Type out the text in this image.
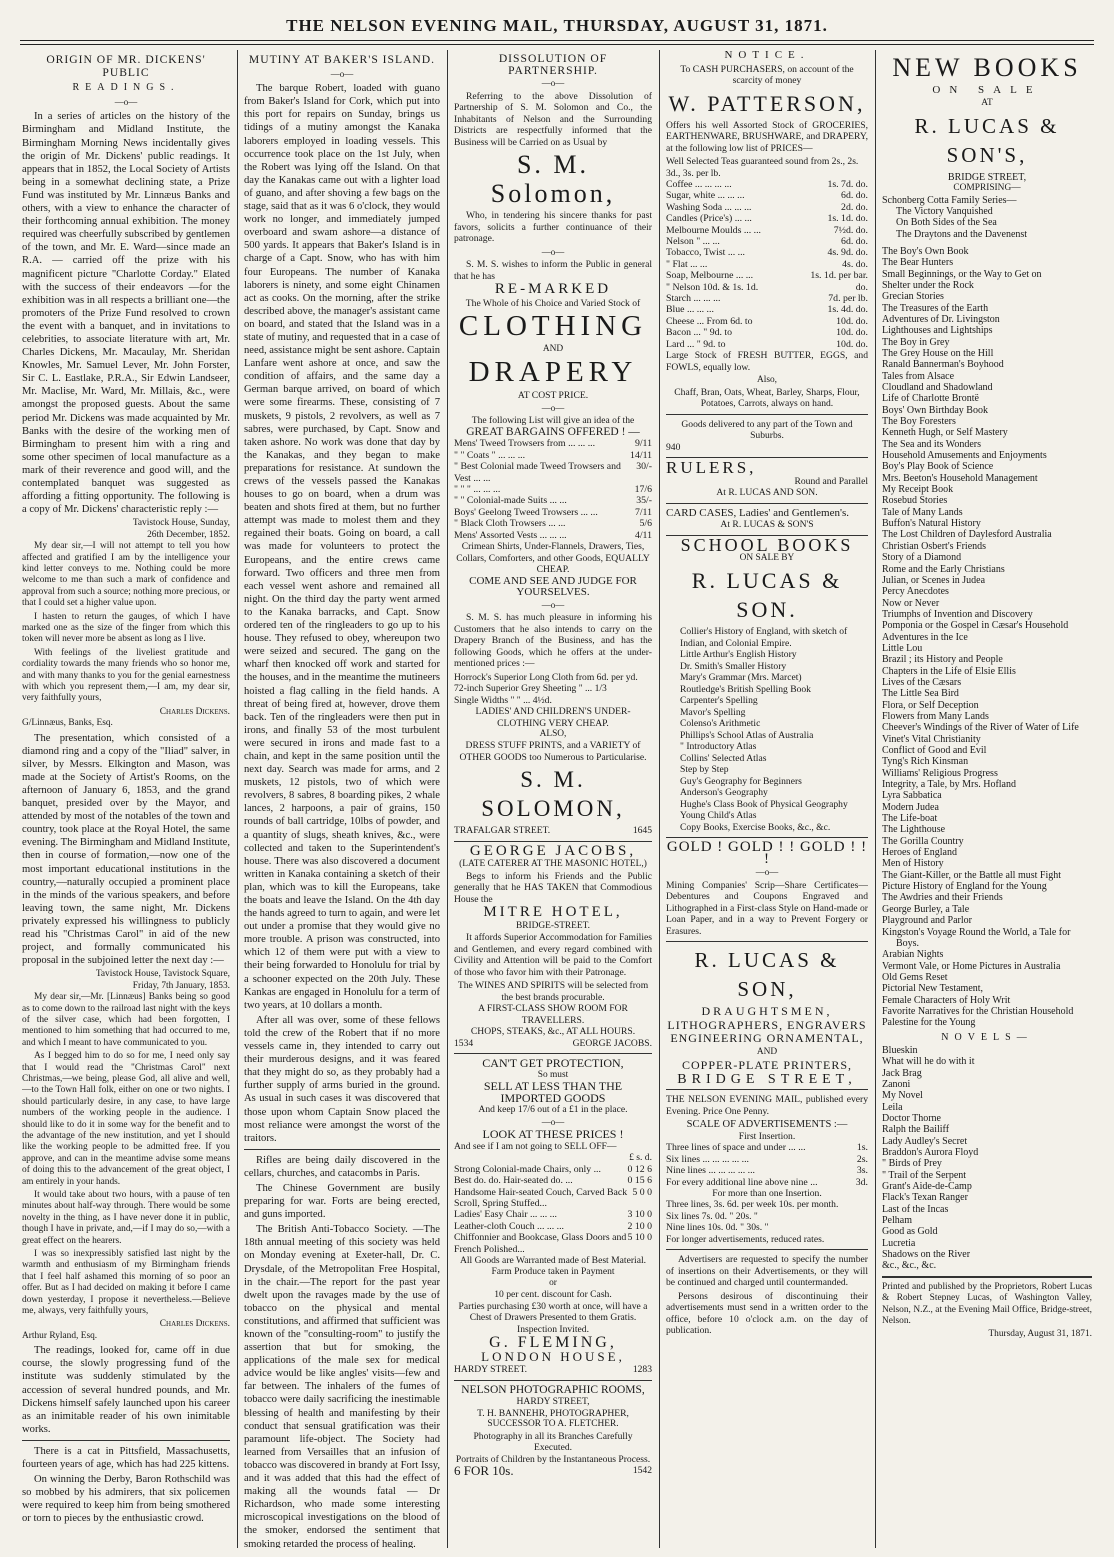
THE NELSON EVENING MAIL, THURSDAY, AUGUST 31, 1871.
ORIGIN OF MR. DICKENS' PUBLIC
READINGS.
—o—

In a series of articles on the history of the Birmingham and Midland Institute, the Birmingham Morning News incidentally gives the origin of Mr. Dickens' public readings. It appears that in 1852, the Local Society of Artists being in a somewhat declining state, a Prize Fund was instituted by Mr. Linnæus Banks and others, with a view to enhance the character of their forthcoming annual exhibition. The money required was cheerfully subscribed by gentlemen of the town, and Mr. E. Ward—since made an R.A. — carried off the prize with his magnificent picture "Charlotte Corday." Elated with the success of their endeavors —for the exhibition was in all respects a brilliant one—the promoters of the Prize Fund resolved to crown the event with a banquet, and in invitations to celebrities, to associate literature with art, Mr. Charles Dickens, Mr. Macaulay, Mr. Sheridan Knowles, Mr. Samuel Lever, Mr. John Forster, Sir C. L. Eastlake, P.R.A., Sir Edwin Landseer, Mr. Maclise, Mr. Ward, Mr. Millais, &c., were amongst the proposed guests. About the same period Mr. Dickens was made acquainted by Mr. Banks with the desire of the working men of Birmingham to present him with a ring and some other specimen of local manufacture as a mark of their reverence and good will, and the contemplated banquet was suggested as affording a fitting opportunity. The following is a copy of Mr. Dickens' characteristic reply :—

Tavistock House, Sunday,
26th December, 1852.

My dear sir,—I will not attempt to tell you how affected and gratified I am by the intelligence your kind letter conveys to me. Nothing could be more welcome to me than such a mark of confidence and approval from such a source; nothing more precious, or that I could set a higher value upon.

I hasten to return the gauges, of which I have marked one as the size of the finger from which this token will never more be absent as long as I live.

With feelings of the liveliest gratitude and cordiality towards the many friends who so honor me, and with many thanks to you for the genial earnestness with which you represent them,—I am, my dear sir, very faithfully yours,

Charles Dickens.

G/Linnæus, Banks, Esq.

The presentation, which consisted of a diamond ring and a copy of the "Iliad" salver, in silver, by Messrs. Elkington and Mason, was made at the Society of Artist's Rooms, on the afternoon of January 6, 1853, and the grand banquet, presided over by the Mayor, and attended by most of the notables of the town and country, took place at the Royal Hotel, the same evening. The Birmingham and Midland Institute, then in course of formation,—now one of the most important educational institutions in the country,—naturally occupied a prominent place in the minds of the various speakers, and before leaving town, the same night, Mr. Dickens privately expressed his willingness to publicly read his "Christmas Carol" in aid of the new project, and formally communicated his proposal in the subjoined letter the next day :—

Tavistock House, Tavistock Square,
Friday, 7th January, 1853.

My dear sir,—Mr. [Linnæus] Banks being so good as to come down to the railroad last night with the keys of the silver case, which had been forgotten, I mentioned to him something that had occurred to me, and which I meant to have communicated to you.

As I begged him to do so for me, I need only say that I would read the "Christmas Carol" next Christmas,—we being, please God, all alive and well,—to the Town Hall folk, either on one or two nights. I should particularly desire, in any case, to have large numbers of the working people in the audience. I should like to do it in some way for the benefit and to the advantage of the new institution, and yet I should like the working people to be admitted free. If you approve, and can in the meantime advise some means of doing this to the advancement of the great object, I am entirely in your hands.

It would take about two hours, with a pause of ten minutes about half-way through. There would be some novelty in the thing, as I have never done it in public, though I have in private, and,—if I may do so,—with a great effect on the hearers.

I was so inexpressibly satisfied last night by the warmth and enthusiasm of my Birmingham friends that I feel half ashamed this morning of so poor an offer. But as I had decided on making it before I came down yesterday, I propose it nevertheless.—Believe me, always, very faithfully yours,

Charles Dickens.

Arthur Ryland, Esq.

The readings, looked for, came off in due course, the slowly progressing fund of the institute was suddenly stimulated by the accession of several hundred pounds, and Mr. Dickens himself safely launched upon his career as an inimitable reader of his own inimitable works.

There is a cat in Pittsfield, Massachusetts, fourteen years of age, which has had 225 kittens.

On winning the Derby, Baron Rothschild was so mobbed by his admirers, that six policemen were required to keep him from being smothered or torn to pieces by the enthusiastic crowd.

MUTINY AT BAKER'S ISLAND.
—o—

The barque Robert, loaded with guano from Baker's Island for Cork, which put into this port for repairs on Sunday, brings us tidings of a mutiny amongst the Kanaka laborers employed in loading vessels. This occurrence took place on the 1st July, when the Robert was lying off the Island. On that day the Kanakas came out with a lighter load of guano, and after shoving a few bags on the stage, said that as it was 6 o'clock, they would work no longer, and immediately jumped overboard and swam ashore—a distance of 500 yards. It appears that Baker's Island is in charge of a Capt. Snow, who has with him four Europeans. The number of Kanaka laborers is ninety, and some eight Chinamen act as cooks. On the morning, after the strike described above, the manager's assistant came on board, and stated that the Island was in a state of mutiny, and requested that in a case of need, assistance might be sent ashore. Captain Lanfare went ashore at once, and saw the condition of affairs, and the same day a German barque arrived, on board of which were some firearms. These, consisting of 7 muskets, 9 pistols, 2 revolvers, as well as 7 sabres, were purchased, by Capt. Snow and taken ashore. No work was done that day by the Kanakas, and they began to make preparations for resistance. At sundown the crews of the vessels passed the Kanakas houses to go on board, when a drum was beaten and shots fired at them, but no further attempt was made to molest them and they regained their boats. Going on board, a call was made for volunteers to protect the Europeans, and the entire crews came forward. Two officers and three men from each vessel went ashore and remained all night. On the third day the party went armed to the Kanaka barracks, and Capt. Snow ordered ten of the ringleaders to go up to his house. They refused to obey, whereupon two were seized and secured. The gang on the wharf then knocked off work and started for the houses, and in the meantime the mutineers hoisted a flag calling in the field hands. A threat of being fired at, however, drove them back. Ten of the ringleaders were then put in irons, and finally 53 of the most turbulent were secured in irons and made fast to a chain, and kept in the same position until the next day. Search was made for arms, and 2 muskets, 12 pistols, two of which were revolvers, 8 sabres, 8 boarding pikes, 2 whale lances, 2 harpoons, a pair of grains, 150 rounds of ball cartridge, 10lbs of powder, and a quantity of slugs, sheath knives, &c., were collected and taken to the Superintendent's house. There was also discovered a document written in Kanaka containing a sketch of their plan, which was to kill the Europeans, take the boats and leave the Island. On the 4th day the hands agreed to turn to again, and were let out under a promise that they would give no more trouble. A prison was constructed, into which 12 of them were put with a view to their being forwarded to Honolulu for trial by a schooner expected on the 20th July. These Kankas are engaged in Honolulu for a term of two years, at 10 dollars a month.

After all was over, some of these fellows told the crew of the Robert that if no more vessels came in, they intended to carry out their murderous designs, and it was feared that they might do so, as they probably had a further supply of arms buried in the ground. As usual in such cases it was discovered that those upon whom Captain Snow placed the most reliance were amongst the worst of the traitors.

Rifles are being daily discovered in the cellars, churches, and catacombs in Paris.

The Chinese Government are busily preparing for war. Forts are being erected, and guns imported.

The British Anti-Tobacco Society. —The 18th annual meeting of this society was held on Monday evening at Exeter-hall, Dr. C. Drysdale, of the Metropolitan Free Hospital, in the chair.—The report for the past year dwelt upon the ravages made by the use of tobacco on the physical and mental constitutions, and affirmed that sufficient was known of the "consulting-room" to justify the assertion that but for smoking, the applications of the male sex for medical advice would be like angles' visits—few and far between. The inhalers of the fumes of tobacco were daily sacrificing the inestimable blessing of health and manifesting by their conduct that sensual gratification was their paramount life-object. The Society had learned from Versailles that an infusion of tobacco was discovered in brandy at Fort Issy, and it was added that this had the effect of making all the wounds fatal — Dr Richardson, who made some interesting microscopical investigations on the blood of the smoker, endorsed the sentiment that smoking retarded the process of healing.

DISSOLUTION OF PARTNERSHIP.
—o—

Referring to the above Dissolution of Partnership of S. M. Solomon and Co., the Inhabitants of Nelson and the Surrounding Districts are respectfully informed that the Business will be Carried on as Usual by

S. M. Solomon,

Who, in tendering his sincere thanks for past favors, solicits a further continuance of their patronage.

—o—

S. M. S. wishes to inform the Public in general that he has

RE-MARKED
The Whole of his Choice and Varied Stock of
CLOTHING
AND
DRAPERY
AT COST PRICE.
—o—
The following List will give an idea of the
GREAT BARGAINS OFFERED ! —
Mens' Tweed Trowsers from ... ... ...	9/11
" " Coats " ... ... ...	14/11
" Best Colonial made Tweed Trowsers and Vest ... ...	30/-
" " " ... ... ...	17/6
" " Colonial-made Suits ... ...	35/-
Boys' Geelong Tweed Trowsers ... ...	7/11
" Black Cloth Trowsers ... ...	5/6
Mens' Assorted Vests ... ... ...	4/11
Crimean Shirts, Under-Flannels, Drawers, Ties, Collars, Comforters, and other Goods, EQUALLY CHEAP.
COME AND SEE AND JUDGE FOR YOURSELVES.
—o—

S. M. S. has much pleasure in informing his Customers that he also intends to carry on the Drapery Branch of the Business, and has the following Goods, which he offers at the under-mentioned prices :—

Horrock's Superior Long Cloth from 6d. per yd.
72-inch Superior Grey Sheeting " ... 1/3
Single Widths " " ... 4½d.
LADIES' AND CHILDREN'S UNDER-CLOTHING VERY CHEAP.
ALSO,
DRESS STUFF PRINTS, and a VARIETY of OTHER GOODS too Numerous to Particularise.
S. M. SOLOMON,
TRAFALGAR STREET.	1645
GEORGE JACOBS,
(LATE CATERER AT THE MASONIC HOTEL,)

Begs to inform his Friends and the Public generally that he HAS TAKEN that Commodious House the

MITRE HOTEL,
BRIDGE-STREET.

It affords Superior Accommodation for Families and Gentlemen, and every regard combined with Civility and Attention will be paid to the Comfort of those who favor him with their Patronage.

The WINES AND SPIRITS will be selected from the best brands procurable.
A FIRST-CLASS SHOW ROOM FOR TRAVELLERS.
CHOPS, STEAKS, &c., AT ALL HOURS.
1534	GEORGE JACOBS.
CAN'T GET PROTECTION,
So must
SELL AT LESS THAN THE IMPORTED GOODS
And keep 17/6 out of a £1 in the place.
—o—
LOOK AT THESE PRICES !
And see if I am not going to SELL OFF—
£ s. d.
Strong Colonial-made Chairs, only ...	0 12 6
Best do. do. Hair-seated do. ...	0 15 6
Handsome Hair-seated Couch, Carved Back Scroll, Spring Stuffed...	5 0 0
Ladies' Easy Chair ... ... ...	3 10 0
Leather-cloth Couch ... ... ...	2 10 0
Chiffonnier and Bookcase, Glass Doors and French Polished...	5 10 0
All Goods are Warranted made of Best Material.
Farm Produce taken in Payment
or
10 per cent. discount for Cash.
Parties purchasing £30 worth at once, will have a Chest of Drawers Presented to them Gratis.
Inspection Invited.
G. FLEMING,
LONDON HOUSE,
HARDY STREET.	1283
NELSON PHOTOGRAPHIC ROOMS,
HARDY STREET,
T. H. BANNEHR, PHOTOGRAPHER,
SUCCESSOR TO A. FLETCHER.
Photography in all its Branches Carefully Executed.
Portraits of Children by the Instantaneous Process.
6 FOR 10s.	1542
NOTICE.
To CASH PURCHASERS, on account of the scarcity of money
W. PATTERSON,

Offers his well Assorted Stock of GROCERIES, EARTHENWARE, BRUSHWARE, and DRAPERY, at the following low list of PRICES—

Well Selected Teas guaranteed sound from 2s., 2s. 3d., 3s. per lb.
Coffee ... ... ... ...	1s. 7d. do.
Sugar, white ... ... ...	6d. do.
Washing Soda ... ... ...	2d. do.
Candles (Price's) ... ...	1s. 1d. do.
Melbourne Moulds ... ...	7½d. do.
Nelson " ... ...	6d. do.
Tobacco, Twist ... ...	4s. 9d. do.
" Flat ... ...	4s. do.
Soap, Melbourne ... ...	1s. 1d. per bar.
" Nelson 10d. & 1s. 1d.	do.
Starch ... ... ...	7d. per lb.
Blue ... ... ...	1s. 4d. do.
Cheese ... From 6d. to	10d. do.
Bacon ... " 9d. to	10d. do.
Lard ... " 9d. to	10d. do.

Large Stock of FRESH BUTTER, EGGS, and FOWLS, equally low.

Also,
Chaff, Bran, Oats, Wheat, Barley, Sharps, Flour, Potatoes, Carrots, always on hand.
Goods delivered to any part of the Town and Suburbs.
940
RULERS,
Round and Parallel
At R. LUCAS AND SON.
CARD CASES, Ladies' and Gentlemen's.
At R. LUCAS & SON'S
SCHOOL BOOKS
ON SALE BY
R. LUCAS & SON.
Collier's History of England, with sketch of Indian, and Colonial Empire.
Little Arthur's English History
Dr. Smith's Smaller History
Mary's Grammar (Mrs. Marcet)
Routledge's British Spelling Book
Carpenter's Spelling
Mavor's Spelling
Colenso's Arithmetic
Phillips's School Atlas of Australia
" Introductory Atlas
Collins' Selected Atlas
Step by Step
Guy's Geography for Beginners
Anderson's Geography
Hughe's Class Book of Physical Geography
Young Child's Atlas
Copy Books, Exercise Books, &c., &c.
GOLD ! GOLD ! ! GOLD ! ! !
—o—

Mining Companies' Scrip—Share Certificates—Debentures and Coupons Engraved and Lithographed in a First-class Style on Hand-made or Loan Paper, and in a way to Prevent Forgery or Erasures.

R. LUCAS & SON,
DRAUGHTSMEN,
LITHOGRAPHERS, ENGRAVERS
ENGINEERING ORNAMENTAL,
AND
COPPER-PLATE PRINTERS,
BRIDGE STREET,

THE NELSON EVENING MAIL, published every Evening. Price One Penny.

SCALE OF ADVERTISEMENTS :—
First Insertion.
Three lines of space and under ... ...	1s.
Six lines ... ... ... ... ...	2s.
Nine lines ... ... ... ... ...	3s.
For every additional line above nine ...	3d.
For more than one Insertion.
Three lines, 3s. 6d. per week 10s. per month.
Six lines 7s. 0d. " 20s. "
Nine lines 10s. 0d. " 30s. "
For longer advertisements, reduced rates.

Advertisers are requested to specify the number of insertions on their Advertisements, or they will be continued and charged until countermanded.

Persons desirous of discontinuing their advertisements must send in a written order to the office, before 10 o'clock a.m. on the day of publication.

NEW BOOKS
ON SALE
AT
R. LUCAS & SON'S,
BRIDGE STREET,
COMPRISING—
Schonberg Cotta Family Series—
The Victory Vanquished
On Both Sides of the Sea
The Draytons and the Davenenst
The Boy's Own Book
The Bear Hunters
Small Beginnings, or the Way to Get on
Shelter under the Rock
Grecian Stories
The Treasures of the Earth
Adventures of Dr. Livingston
Lighthouses and Lightships
The Boy in Grey
The Grey House on the Hill
Ranald Bannerman's Boyhood
Tales from Alsace
Cloudland and Shadowland
Life of Charlotte Brontë
Boys' Own Birthday Book
The Boy Foresters
Kenneth Hugh, or Self Mastery
The Sea and its Wonders
Household Amusements and Enjoyments
Boy's Play Book of Science
Mrs. Beeton's Household Management
My Receipt Book
Rosebud Stories
Tale of Many Lands
Buffon's Natural History
The Lost Children of Daylesford Australia
Christian Osbert's Friends
Story of a Diamond
Rome and the Early Christians
Julian, or Scenes in Judea
Percy Anecdotes
Now or Never
Triumphs of Invention and Discovery
Pomponia or the Gospel in Cæsar's Household
Adventures in the Ice
Little Lou
Brazil ; its History and People
Chapters in the Life of Elsie Ellis
Lives of the Cæsars
The Little Sea Bird
Flora, or Self Deception
Flowers from Many Lands
Cheever's Windings of the River of Water of Life
Vinet's Vital Christianity
Conflict of Good and Evil
Tyng's Rich Kinsman
Williams' Religious Progress
Integrity, a Tale, by Mrs. Hofland
Lyra Sabbatica
Modern Judea
The Life-boat
The Lighthouse
The Gorilla Country
Heroes of England
Men of History
The Giant-Killer, or the Battle all must Fight
Picture History of England for the Young
The Awdries and their Friends
George Burley, a Tale
Playground and Parlor
Kingston's Voyage Round the World, a Tale for Boys.
Arabian Nights
Vermont Vale, or Home Pictures in Australia
Old Gems Reset
Pictorial New Testament,
Female Characters of Holy Writ
Favorite Narratives for the Christian Household
Palestine for the Young
NOVELS—
Blueskin
What will he do with it
Jack Brag
Zanoni
My Novel
Leila
Doctor Thorne
Ralph the Bailiff
Lady Audley's Secret
Braddon's Aurora Floyd
" Birds of Prey
" Trail of the Serpent
Grant's Aide-de-Camp
Flack's Texan Ranger
Last of the Incas
Pelham
Good as Gold
Lucretia
Shadows on the River
&c., &c., &c.

Printed and published by the Proprietors, Robert Lucas & Robert Stepney Lucas, of Washington Valley, Nelson, N.Z., at the Evening Mail Office, Bridge-street, Nelson.

Thursday, August 31, 1871.
